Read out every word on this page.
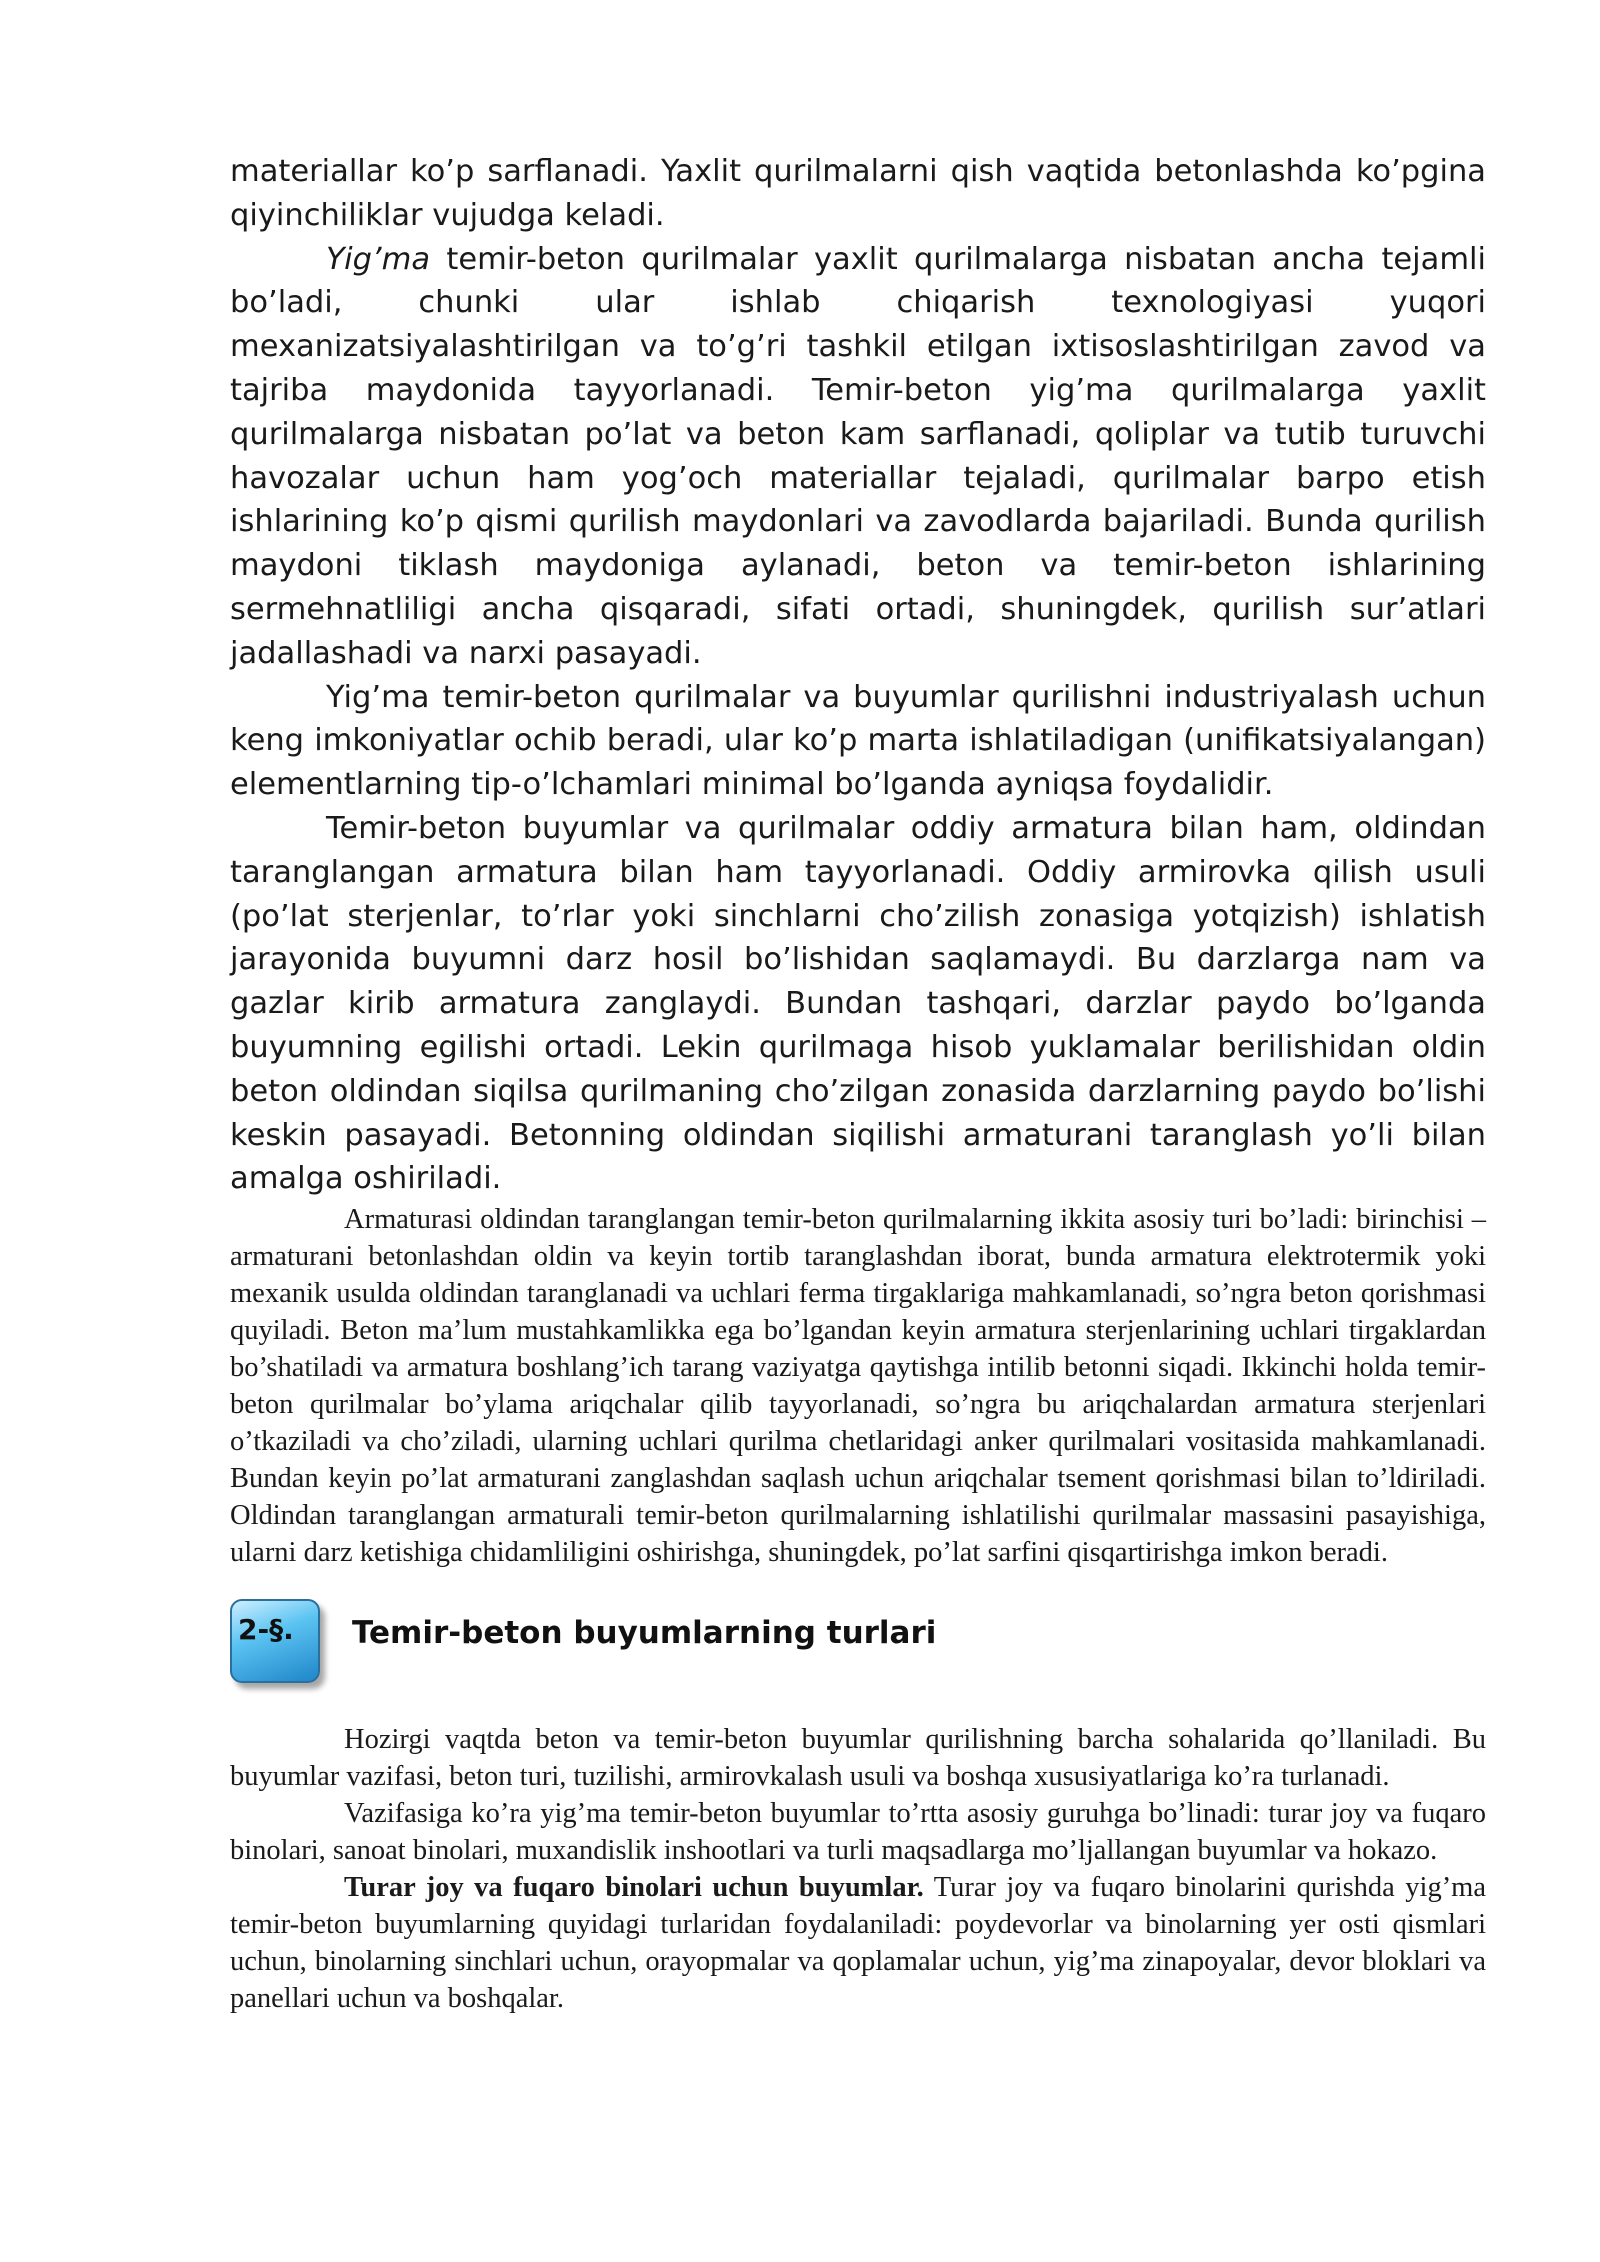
materiallar ko’p sarflanadi. Yaxlit qurilmalarni qish vaqtida betonlashda ko’pgina qiyinchiliklar vujudga keladi.

Yig’ma temir-beton qurilmalar yaxlit qurilmalarga nisbatan ancha tejamli bo’ladi, chunki ular ishlab chiqarish texnologiyasi yuqori mexanizatsiyalashtirilgan va to’g’ri tashkil etilgan ixtisoslashtirilgan zavod va tajriba maydonida tayyorlanadi. Temir-beton yig’ma qurilmalarga yaxlit qurilmalarga nisbatan po’lat va beton kam sarflanadi, qoliplar va tutib turuvchi havozalar uchun ham yog’och materiallar tejaladi, qurilmalar barpo etish ishlarining ko’p qismi qurilish maydonlari va zavodlarda bajariladi. Bunda qurilish maydoni tiklash maydoniga aylanadi, beton va temir-beton ishlarining sermehnatliligi ancha qisqaradi, sifati ortadi, shuningdek, qurilish sur’atlari jadallashadi va narxi pasayadi.

Yig’ma temir-beton qurilmalar va buyumlar qurilishni industriyalash uchun keng imkoniyatlar ochib beradi, ular ko’p marta ishlatiladigan (unifikatsiyalangan) elementlarning tip-o’lchamlari minimal bo’lganda ayniqsa foydalidir.

Temir-beton buyumlar va qurilmalar oddiy armatura bilan ham, oldindan taranglangan armatura bilan ham tayyorlanadi. Oddiy armirovka qilish usuli (po’lat sterjenlar, to’rlar yoki sinchlarni cho’zilish zonasiga yotqizish) ishlatish jarayonida buyumni darz hosil bo’lishidan saqlamaydi. Bu darzlarga nam va gazlar kirib armatura zanglaydi. Bundan tashqari, darzlar paydo bo’lganda buyumning egilishi ortadi. Lekin qurilmaga hisob yuklamalar berilishidan oldin beton oldindan siqilsa qurilmaning cho’zilgan zonasida darzlarning paydo bo’lishi keskin pasayadi. Betonning oldindan siqilishi armaturani taranglash yo’li bilan amalga oshiriladi.

Armaturasi oldindan taranglangan temir-beton qurilmalarning ikkita asosiy turi bo’ladi: birinchisi – armaturani betonlashdan oldin va keyin tortib taranglashdan iborat, bunda armatura elektrotermik yoki mexanik usulda oldindan taranglanadi va uchlari ferma tirgaklariga mahkamlanadi, so’ngra beton qorishmasi quyiladi. Beton ma’lum mustahkamlikka ega bo’lgandan keyin armatura sterjenlarining uchlari tirgaklardan bo’shatiladi va armatura boshlang’ich tarang vaziyatga qaytishga intilib betonni siqadi. Ikkinchi holda temir-beton qurilmalar bo’ylama ariqchalar qilib tayyorlanadi, so’ngra bu ariqchalardan armatura sterjenlari o’tkaziladi va cho’ziladi, ularning uchlari qurilma chetlaridagi anker qurilmalari vositasida mahkamlanadi. Bundan keyin po’lat armaturani zanglashdan saqlash uchun ariqchalar tsement qorishmasi bilan to’ldiriladi. Oldindan taranglangan armaturali temir-beton qurilmalarning ishlatilishi qurilmalar massasini pasayishiga, ularni darz ketishiga chidamliligini oshirishga, shuningdek, po’lat sarfini qisqartirishga imkon beradi.

2-§. Temir-beton buyumlarning turlari

Hozirgi vaqtda beton va temir-beton buyumlar qurilishning barcha sohalarida qo’llaniladi. Bu buyumlar vazifasi, beton turi, tuzilishi, armirovkalash usuli va boshqa xususiyatlariga ko’ra turlanadi.

Vazifasiga ko’ra yig’ma temir-beton buyumlar to’rtta asosiy guruhga bo’linadi: turar joy va fuqaro binolari, sanoat binolari, muxandislik inshootlari va turli maqsadlarga mo’ljallangan buyumlar va hokazo.

Turar joy va fuqaro binolari uchun buyumlar. Turar joy va fuqaro binolarini qurishda yig’ma temir-beton buyumlarning quyidagi turlaridan foydalaniladi: poydevorlar va binolarning yer osti qismlari uchun, binolarning sinchlari uchun, orayopmalar va qoplamalar uchun, yig’ma zinapoyalar, devor bloklari va panellari uchun va boshqalar.
